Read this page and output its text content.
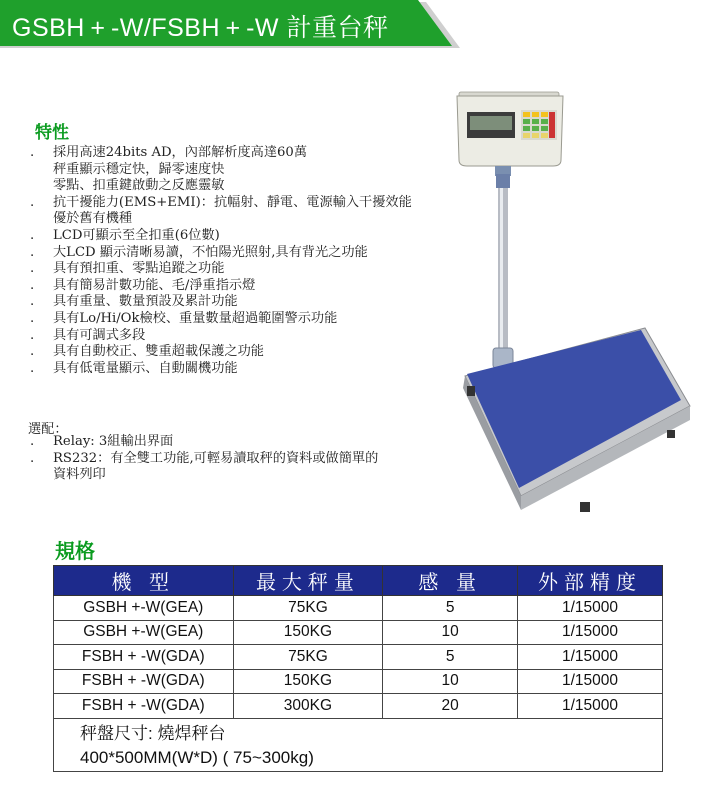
GSBH + -W/FSBH + -W 計重台秤
特性
. 採用高速24bits AD，內部解析度高達60萬
秤重顯示穩定快，歸零速度快
零點、扣重鍵啟動之反應靈敏
. 抗干擾能力(EMS+EMI)：抗幅射、靜電、電源輸入干擾效能
優於舊有機種
. LCD可顯示至全扣重(6位數)
. 大LCD 顯示清晰易讀，不怕陽光照射,具有背光之功能
. 具有預扣重、零點追蹤之功能
. 具有簡易計數功能、毛/淨重指示燈
. 具有重量、數量預設及累計功能
. 具有Lo/Hi/Ok檢校、重量數量超過範圍警示功能
. 具有可調式多段
. 具有自動校正、雙重超載保護之功能
. 具有低電量顯示、自動關機功能
選配：
. Relay: 3組輸出界面
. RS232：有全雙工功能,可輕易讀取秤的資料或做簡單的
資料列印
規格
機 型	最大秤量	感 量	外部精度
GSBH +-W(GEA)	75KG	5	1/15000
GSBH +-W(GEA)	150KG	10	1/15000
FSBH + -W(GDA)	75KG	5	1/15000
FSBH + -W(GDA)	150KG	10	1/15000
FSBH + -W(GDA)	300KG	20	1/15000
秤盤尺寸: 燒焊秤台			
400*500MM(W*D) ( 75~300kg)			
